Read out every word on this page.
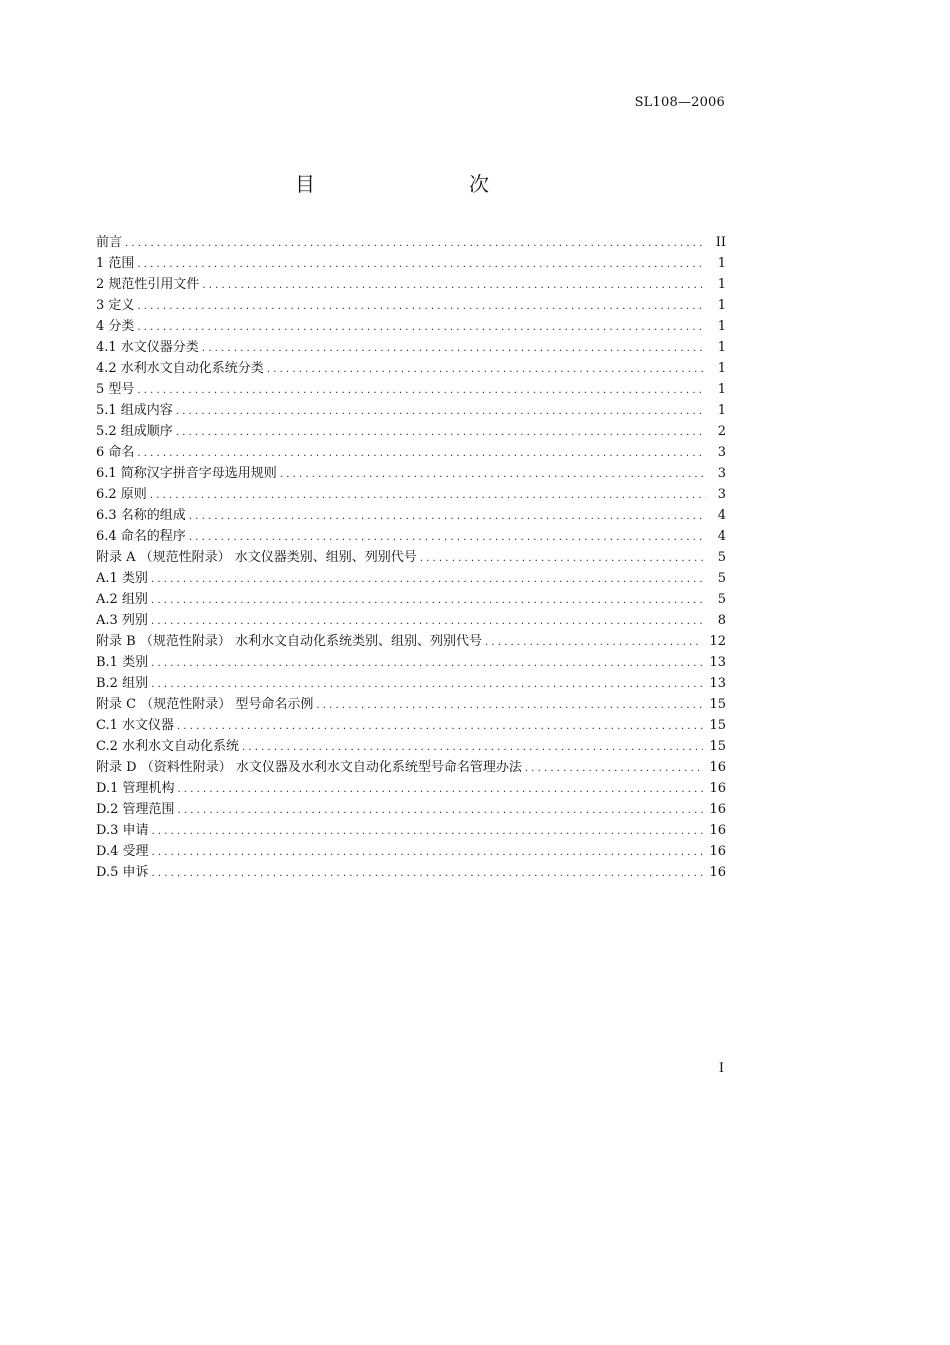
SL108—2006
目　　次
前言 .....	II
1 范围 .....	1
2 规范性引用文件 .....	1
3 定义 .....	1
4 分类 .....	1
4.1 水文仪器分类 .....	1
4.2 水利水文自动化系统分类 .....	1
5 型号 .....	1
5.1 组成内容 .....	1
5.2 组成顺序 .....	2
6 命名 .....	3
6.1 简称汉字拼音字母选用规则 .....	3
6.2 原则 .....	3
6.3 名称的组成 .....	4
6.4 命名的程序 .....	4
附录 A （规范性附录） 水文仪器类别、组别、列别代号 .....	5
A.1 类别 .....	5
A.2 组别 .....	5
A.3 列别 .....	8
附录 B （规范性附录） 水利水文自动化系统类别、组别、列别代号 .....	12
B.1 类别 .....	13
B.2 组别 .....	13
附录 C （规范性附录） 型号命名示例 .....	15
C.1 水文仪器 .....	15
C.2 水利水文自动化系统 .....	15
附录 D （资料性附录） 水文仪器及水利水文自动化系统型号命名管理办法 .....	16
D.1 管理机构 .....	16
D.2 管理范围 .....	16
D.3 申请 .....	16
D.4 受理 .....	16
D.5 申诉 .....	16
I
